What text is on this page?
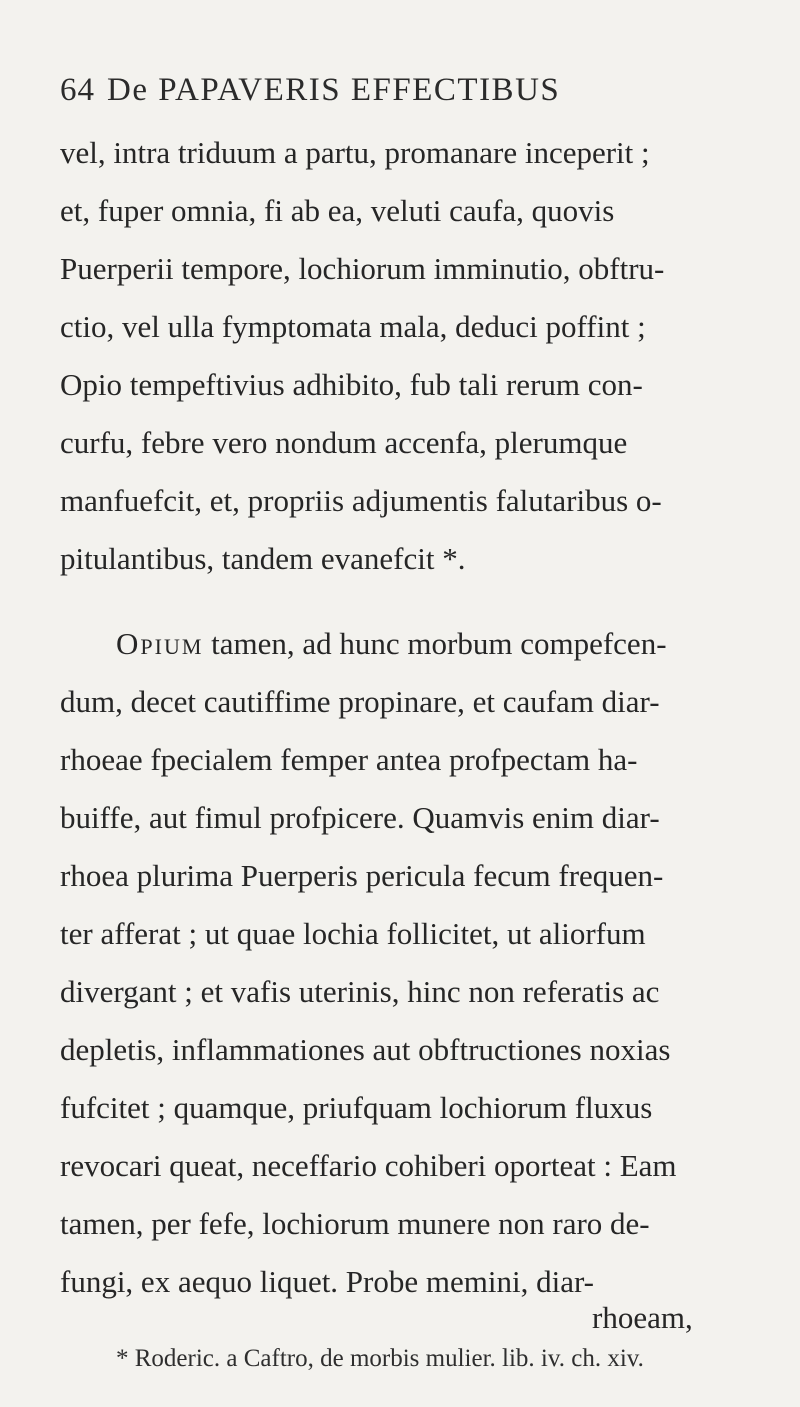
64 De PAPAVERIS EFFECTIBUS
vel, intra triduum a partu, promanare inceperit ;
et, fuper omnia, fi ab ea, veluti caufa, quovis
Puerperii tempore, lochiorum imminutio, obftru-
ctio, vel ulla fymptomata mala, deduci poffint ;
Opio tempeftivius adhibito, fub tali rerum con-
curfu, febre vero nondum accenfa, plerumque
manfuefcit, et, propriis adjumentis falutaribus o-
pitulantibus, tandem evanefcit *.
Opium tamen, ad hunc morbum compefcen-
dum, decet cautiffime propinare, et caufam diar-
rhoeae fpecialem femper antea profpectam ha-
buiffe, aut fimul profpicere. Quamvis enim diar-
rhoea plurima Puerperis pericula fecum frequen-
ter afferat ; ut quae lochia follicitet, ut aliorfum
divergant ; et vafis uterinis, hinc non referatis ac
depletis, inflammationes aut obftructiones noxias
fufcitet ; quamque, priufquam lochiorum fluxus
revocari queat, neceffario cohiberi oporteat : Eam
tamen, per fefe, lochiorum munere non raro de-
fungi, ex aequo liquet. Probe memini, diar-
rhoeam,
* Roderic. a Caftro, de morbis mulier. lib. iv. ch. xiv.
